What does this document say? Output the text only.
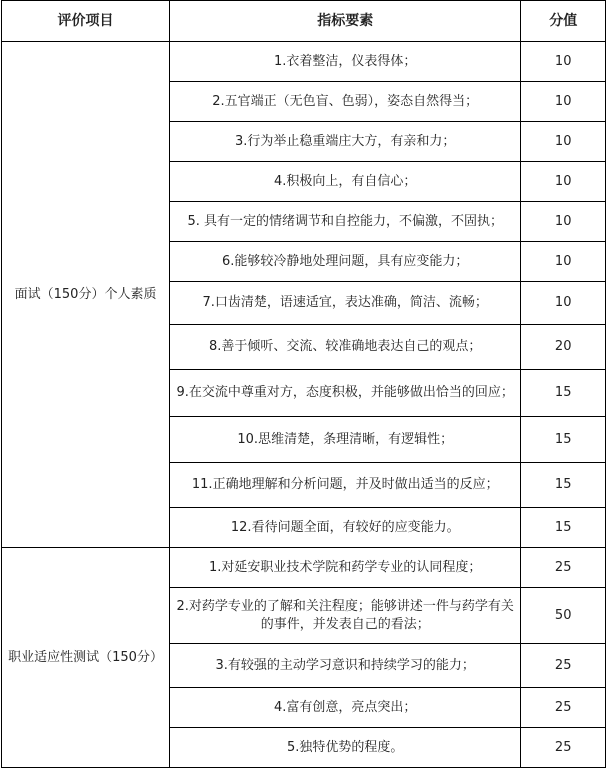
评价项目	指标要素	分值
面试（150分）个人素质	1.衣着整洁，仪表得体；	10
	2.五官端正（无色盲、色弱），姿态自然得当；	10
	3.行为举止稳重端庄大方，有亲和力；	10
	4.积极向上，有自信心；	10
	5. 具有一定的情绪调节和自控能力，不偏激，不固执；	10
	6.能够较冷静地处理问题，具有应变能力；	10
	7.口齿清楚，语速适宜，表达准确，简洁、流畅；	10
	8.善于倾听、交流、较准确地表达自己的观点；	20
	9.在交流中尊重对方，态度积极，并能够做出恰当的回应；	15
	10.思维清楚，条理清晰，有逻辑性；	15
	11.正确地理解和分析问题，并及时做出适当的反应；	15
	12.看待问题全面，有较好的应变能力。	15
职业适应性测试（150分）	1.对延安职业技术学院和药学专业的认同程度；	25
	2.对药学专业的了解和关注程度；能够讲述一件与药学有关的事件，并发表自己的看法；	50
	3.有较强的主动学习意识和持续学习的能力；	25
	4.富有创意，亮点突出；	25
	5.独特优势的程度。	25
